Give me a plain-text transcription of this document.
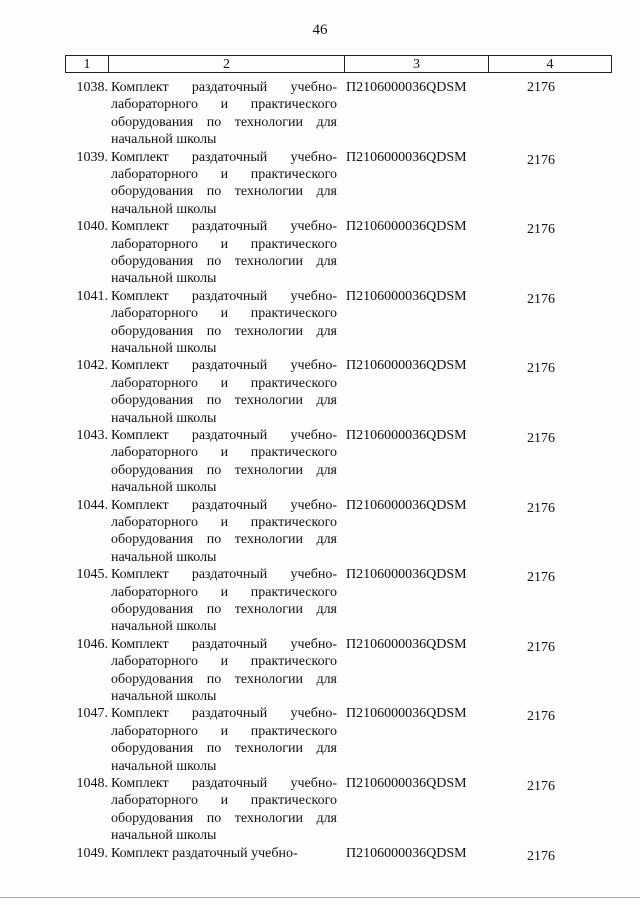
46
1	2	3	4
1038. Комплект раздаточный учебно-
лабораторного и практического
оборудования по технологии для
начальной школы
П2106000036QDSM	2176
1039. Комплект раздаточный учебно-
лабораторного и практического
оборудования по технологии для
начальной школы
П2106000036QDSM	2176
1040. Комплект раздаточный учебно-
лабораторного и практического
оборудования по технологии для
начальной школы
П2106000036QDSM	2176
1041. Комплект раздаточный учебно-
лабораторного и практического
оборудования по технологии для
начальной школы
П2106000036QDSM	2176
1042. Комплект раздаточный учебно-
лабораторного и практического
оборудования по технологии для
начальной школы
П2106000036QDSM	2176
1043. Комплект раздаточный учебно-
лабораторного и практического
оборудования по технологии для
начальной школы
П2106000036QDSM	2176
1044. Комплект раздаточный учебно-
лабораторного и практического
оборудования по технологии для
начальной школы
П2106000036QDSM	2176
1045. Комплект раздаточный учебно-
лабораторного и практического
оборудования по технологии для
начальной школы
П2106000036QDSM	2176
1046. Комплект раздаточный учебно-
лабораторного и практического
оборудования по технологии для
начальной школы
П2106000036QDSM	2176
1047. Комплект раздаточный учебно-
лабораторного и практического
оборудования по технологии для
начальной школы
П2106000036QDSM	2176
1048. Комплект раздаточный учебно-
лабораторного и практического
оборудования по технологии для
начальной школы
П2106000036QDSM	2176
1049. Комплект раздаточный учебно-	П2106000036QDSM	2176
